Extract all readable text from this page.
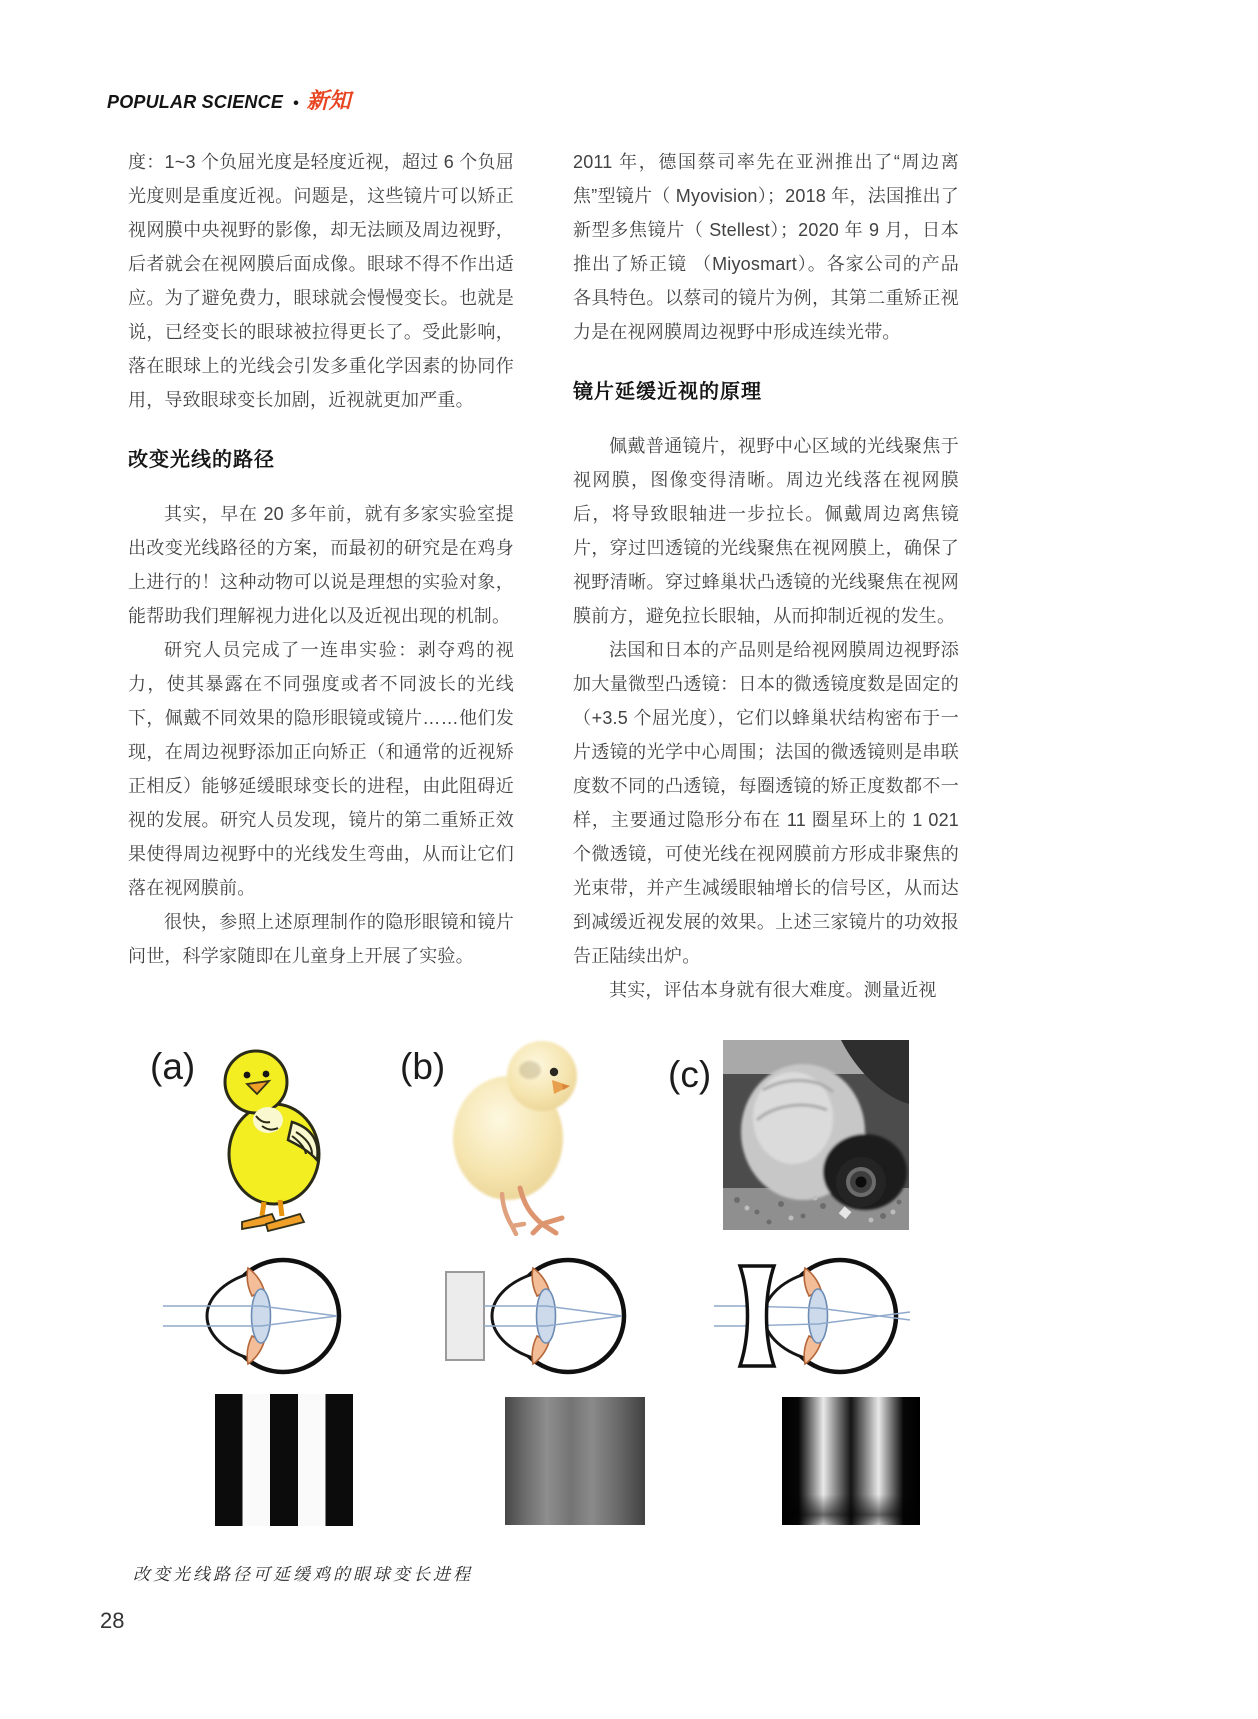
POPULAR SCIENCE • 新知

度：1~3 个负屈光度是轻度近视，超过 6 个负屈光度则是重度近视。问题是，这些镜片可以矫正视网膜中央视野的影像，却无法顾及周边视野，后者就会在视网膜后面成像。眼球不得不作出适应。为了避免费力，眼球就会慢慢变长。也就是说，已经变长的眼球被拉得更长了。受此影响，落在眼球上的光线会引发多重化学因素的协同作用，导致眼球变长加剧，近视就更加严重。

改变光线的路径

其实，早在 20 多年前，就有多家实验室提出改变光线路径的方案，而最初的研究是在鸡身上进行的！这种动物可以说是理想的实验对象，能帮助我们理解视力进化以及近视出现的机制。

研究人员完成了一连串实验：剥夺鸡的视力，使其暴露在不同强度或者不同波长的光线下，佩戴不同效果的隐形眼镜或镜片……他们发现，在周边视野添加正向矫正（和通常的近视矫正相反）能够延缓眼球变长的进程，由此阻碍近视的发展。研究人员发现，镜片的第二重矫正效果使得周边视野中的光线发生弯曲，从而让它们落在视网膜前。

很快，参照上述原理制作的隐形眼镜和镜片问世，科学家随即在儿童身上开展了实验。

2011 年，德国蔡司率先在亚洲推出了“周边离焦”型镜片（ Myovision）；2018 年，法国推出了新型多焦镜片（ Stellest）；2020 年 9 月，日本推出了矫正镜 （Miyosmart）。各家公司的产品各具特色。以蔡司的镜片为例，其第二重矫正视力是在视网膜周边视野中形成连续光带。

镜片延缓近视的原理

佩戴普通镜片，视野中心区域的光线聚焦于视网膜，图像变得清晰。周边光线落在视网膜后，将导致眼轴进一步拉长。佩戴周边离焦镜片，穿过凹透镜的光线聚焦在视网膜上，确保了视野清晰。穿过蜂巢状凸透镜的光线聚焦在视网膜前方，避免拉长眼轴，从而抑制近视的发生。

法国和日本的产品则是给视网膜周边视野添加大量微型凸透镜：日本的微透镜度数是固定的（+3.5 个屈光度），它们以蜂巢状结构密布于一片透镜的光学中心周围；法国的微透镜则是串联度数不同的凸透镜，每圈透镜的矫正度数都不一样，主要通过隐形分布在 11 圈星环上的 1 021 个微透镜，可使光线在视网膜前方形成非聚焦的光束带，并产生减缓眼轴增长的信号区，从而达到减缓近视发展的效果。上述三家镜片的功效报告正陆续出炉。

其实，评估本身就有很大难度。测量近视

(a)	(b)	(c)

改变光线路径可延缓鸡的眼球变长进程

28
